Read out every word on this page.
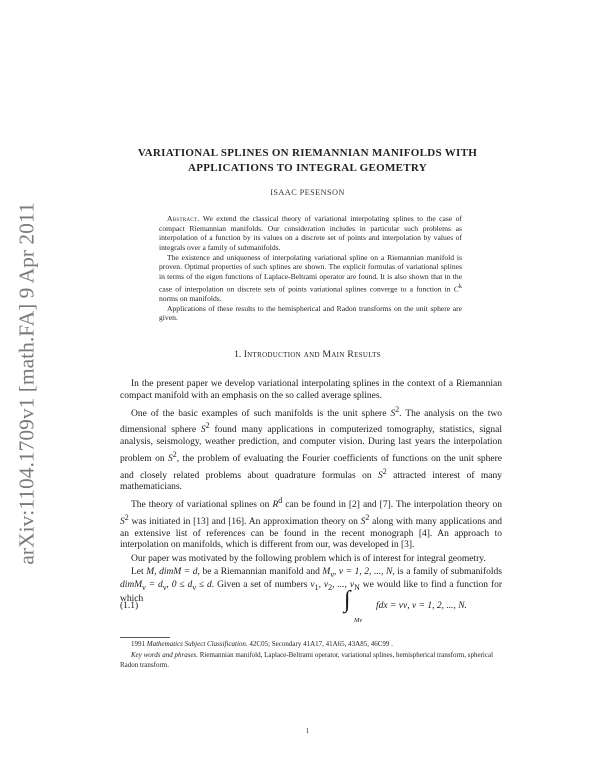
arXiv:1104.1709v1 [math.FA] 9 Apr 2011
VARIATIONAL SPLINES ON RIEMANNIAN MANIFOLDS WITH
APPLICATIONS TO INTEGRAL GEOMETRY
ISAAC PESENSON

Abstract. We extend the classical theory of variational interpolating splines to the case of compact Riemannian manifolds. Our consideration includes in particular such problems as interpolation of a function by its values on a discrete set of points and interpolation by values of integrals over a family of submanifolds.

The existence and uniqueness of interpolating variational spline on a Riemannian manifold is proven. Optimal properties of such splines are shown. The explicit formulas of variational splines in terms of the eigen functions of Laplace-Beltrami operator are found. It is also shown that in the case of interpolation on discrete sets of points variational splines converge to a function in $C^k$ norms on manifolds.

Applications of these results to the hemispherical and Radon transforms on the unit sphere are given.

1. Introduction and Main Results

In the present paper we develop variational interpolating splines in the context of a Riemannian compact manifold with an emphasis on the so called average splines.

One of the basic examples of such manifolds is the unit sphere $S^2$. The analysis on the two dimensional sphere $S^2$ found many applications in computerized tomography, statistics, signal analysis, seismology, weather prediction, and computer vision. During last years the interpolation problem on $S^2$, the problem of evaluating the Fourier coefficients of functions on the unit sphere and closely related problems about quadrature formulas on $S^2$ attracted interest of many mathematicians.

The theory of variational splines on $R^d$ can be found in [2] and [7]. The interpolation theory on $S^2$ was initiated in [13] and [16]. An approximation theory on $S^2$ along with many applications and an extensive list of references can be found in the recent monograph [4]. An approach to interpolation on manifolds, which is different from our, was developed in [3].

Our paper was motivated by the following problem which is of interest for integral geometry.

Let M, dimM = d, be a Riemannian manifold and $M_\nu$, ν = 1, 2, ..., N, is a family of submanifolds dimM$_\nu$ = $d_\nu$, $0 \le d_\nu \le d$. Given a set of numbers $v_1$, $v_2$, ..., $v_N$ we would like to find a function for which

(1.1)	∫
Mν
fdx = vν, ν = 1, 2, ..., N.

1991 Mathematics Subject Classification. 42C05; Secondary 41A17, 41A65, 43A85, 46C99 .

Key words and phrases. Riemannian manifold, Laplace-Beltrami operator, variational splines, hemispherical transform, spherical Radon transform.

1
